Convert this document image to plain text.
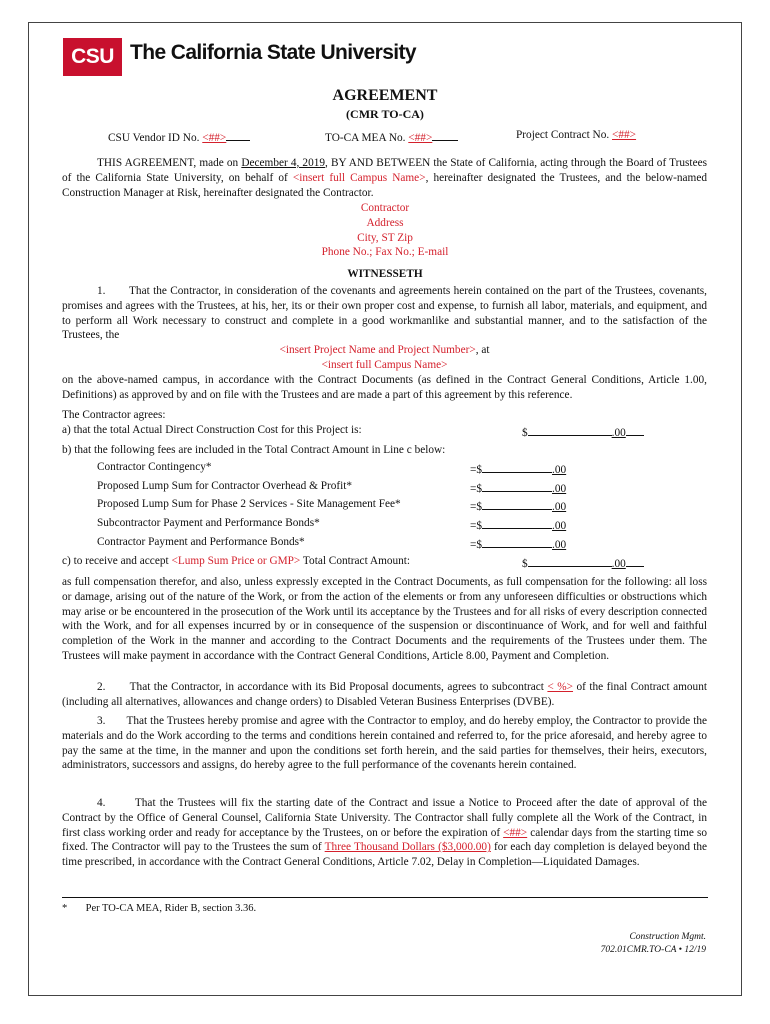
CSU The California State University
AGREEMENT
(CMR TO-CA)
CSU Vendor ID No. <##>	TO-CA MEA No. <##>	Project Contract No. <##>

THIS AGREEMENT, made on December 4, 2019, BY AND BETWEEN the State of California, acting through the Board of Trustees of the California State University, on behalf of <insert full Campus Name>, hereinafter designated the Trustees, and the below-named Construction Manager at Risk, hereinafter designated the Contractor.

Contractor
Address
City, ST Zip
Phone No.; Fax No.; E-mail
WITNESSETH

1. That the Contractor, in consideration of the covenants and agreements herein contained on the part of the Trustees, covenants, promises and agrees with the Trustees, at his, her, its or their own proper cost and expense, to furnish all labor, materials, and equipment, and to perform all Work necessary to construct and complete in a good workmanlike and substantial manner, and to the satisfaction of the Trustees, the

<insert Project Name and Project Number>, at

<insert full Campus Name>

on the above-named campus, in accordance with the Contract Documents (as defined in the Contract General Conditions, Article 1.00, Definitions) as approved by and on file with the Trustees and are made a part of this agreement by this reference.

The Contractor agrees:
a) that the total Actual Direct Construction Cost for this Project is:	$	.00
b) that the following fees are included in the Total Contract Amount in Line c below:
Contractor Contingency*	=$	.00
Proposed Lump Sum for Contractor Overhead & Profit*	=$	.00
Proposed Lump Sum for Phase 2 Services - Site Management Fee*	=$	.00
Subcontractor Payment and Performance Bonds*	=$	.00
Contractor Payment and Performance Bonds*	=$	.00
c) to receive and accept <Lump Sum Price or GMP> Total Contract Amount:	$	.00
as full compensation therefor, and also, unless expressly excepted in the Contract Documents, as full compensation for the following: all loss or damage, arising out of the nature of the Work, or from the action of the elements or from any unforeseen difficulties or obstructions which may arise or be encountered in the prosecution of the Work until its acceptance by the Trustees and for all risks of every description connected with the Work, and for all expenses incurred by or in consequence of the suspension or discontinuance of Work, and for well and faithful completion of the Work in the manner and according to the Contract Documents and the requirements of the Trustees under them. The Trustees will make payment in accordance with the Contract General Conditions, Article 8.00, Payment and Completion.

2. That the Contractor, in accordance with its Bid Proposal documents, agrees to subcontract < %> of the final Contract amount (including all alternatives, allowances and change orders) to Disabled Veteran Business Enterprises (DVBE).

3. That the Trustees hereby promise and agree with the Contractor to employ, and do hereby employ, the Contractor to provide the materials and do the Work according to the terms and conditions herein contained and referred to, for the price aforesaid, and hereby agree to pay the same at the time, in the manner and upon the conditions set forth herein, and the said parties for themselves, their heirs, executors, administrators, successors and assigns, do hereby agree to the full performance of the covenants herein contained.

4.	That the Trustees will fix the starting date of the Contract and issue a Notice to Proceed after the date of approval of the Contract by the Office of General Counsel, California State University. The Contractor shall fully complete all the Work of the Contract, in first class working order and ready for acceptance by the Trustees, on or before the expiration of <##> calendar days from the starting time so fixed. The Contractor will pay to the Trustees the sum of Three Thousand Dollars ($3,000.00) for each day completion is delayed beyond the time prescribed, in accordance with the Contract General Conditions, Article 7.02, Delay in Completion—Liquidated Damages.

* Per TO-CA MEA, Rider B, section 3.36.
Construction Mgmt.
702.01CMR.TO-CA • 12/19
